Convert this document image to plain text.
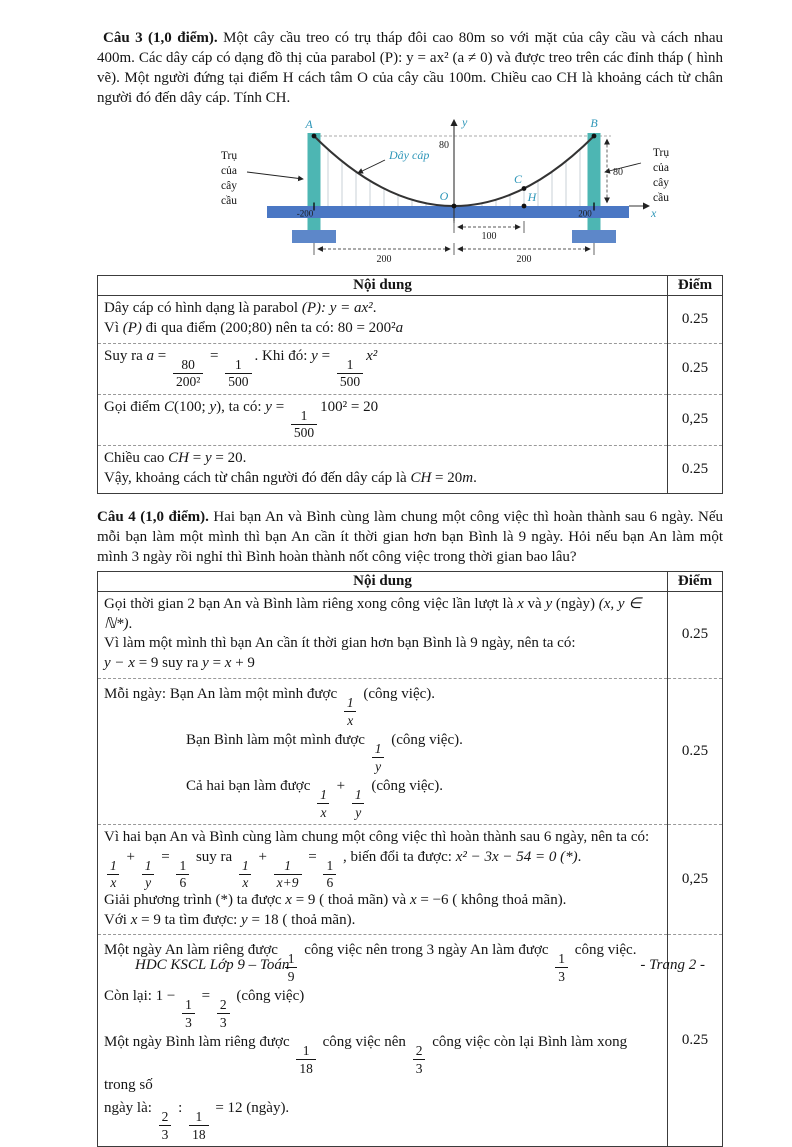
Câu 3 (1,0 điểm). Một cây cầu treo có trụ tháp đôi cao 80m so với mặt của cây cầu và cách nhau 400m. Các dây cáp có dạng đồ thị của parabol (P): y = ax² (a ≠ 0) và được treo trên các đỉnh tháp ( hình vẽ). Một người đứng tại điểm H cách tâm O của cây cầu 100m. Chiều cao CH là khoảng cách từ chân người đó đến dây cáp. Tính CH.

A	B
C
H
O
y
x
Dây cáp
80
80
-200	200
100
200	200
Trụ
của
cây
cầu
Trụ
của
cây
cầu
Nội dung	Điểm

Dây cáp có hình dạng là parabol (P): y = ax².
Vì (P) đi qua điểm (200;80) nên ta có: 80 = 200²a	0.25

Suy ra a =
$\frac{80}{\text{200²}}$
=
$\frac{1}{500}$
. Khi đó: y =
$\frac{1}{500}$
x²
	0.25

Gọi điểm C(100; y), ta có: y =
$\frac{1}{500}$
100² = 20	0,25

Chiều cao CH = y = 20.
Vậy, khoảng cách từ chân người đó đến dây cáp là CH = 20m.	0.25

Câu 4 (1,0 điểm). Hai bạn An và Bình cùng làm chung một công việc thì hoàn thành sau 6 ngày. Nếu mỗi bạn làm một mình thì bạn An cần ít thời gian hơn bạn Bình là 9 ngày. Hỏi nếu bạn An làm một mình 3 ngày rồi nghỉ thì Bình hoàn thành nốt công việc trong thời gian bao lâu?

Nội dung	Điểm

Gọi thời gian 2 bạn An và Bình làm riêng xong công việc lần lượt là x và y (ngày) (x, y ∈ ℕ*).
Vì làm một mình thì bạn An cần ít thời gian hơn bạn Bình là 9 ngày, nên ta có:
y − x = 9 suy ra y = x + 9	0.25

Mỗi ngày: Bạn An làm một mình được
$\frac{1}{x}$
(công việc).
Bạn Bình làm một mình được
$\frac{1}{y}$
(công việc).
Cả hai bạn làm được
$\frac{1}{x}$
+
$\frac{1}{y}$
(công việc).
	0.25

Vì hai bạn An và Bình cùng làm chung một công việc thì hoàn thành sau 6 ngày, nên ta có:
$\frac{1}{x}$
+
$\frac{1}{y}$
=
$\frac{1}{6}$
suy ra
$\frac{1}{x}$
+
$\frac{1}{x+9}$
=
$\frac{1}{6}$
, biến đổi ta được: x² − 3x − 54 = 0 (*).
Giải phương trình (*) ta được x = 9 ( thoả mãn) và x = −6 ( không thoả mãn).
Với x = 9 ta tìm được: y = 18 ( thoả mãn).
	0,25

Một ngày An làm riêng được
$\frac{1}{9}$
công việc nên trong 3 ngày An làm được
$\frac{1}{3}$
công việc.
Còn lại: 1 −
$\frac{1}{3}$
=
$\frac{2}{3}$
(công việc)
Một ngày Bình làm riêng được
$\frac{1}{18}$
công việc nên
$\frac{2}{3}$
công việc còn lại Bình làm xong trong số
ngày là:
$\frac{2}{3}$
:
$\frac{1}{18}$
= 12 (ngày).
	0.25
HDC KSCL Lớp 9 – Toán	- Trang 2 -
